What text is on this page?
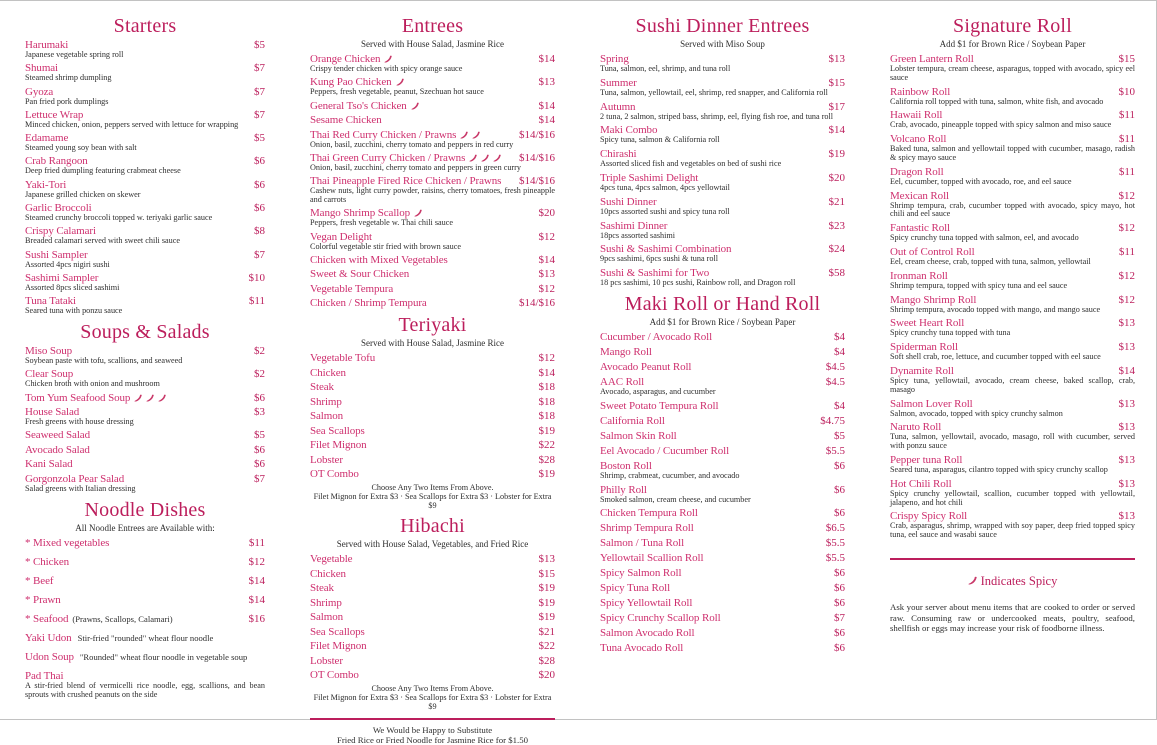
Starters
Harumaki	$5
Japanese vegetable spring roll
Shumai	$7
Steamed shrimp dumpling
Gyoza	$7
Pan fried pork dumplings
Lettuce Wrap	$7
Minced chicken, onion, peppers served with lettuce for wrapping
Edamame	$5
Steamed young soy bean with salt
Crab Rangoon	$6
Deep fried dumpling featuring crabmeat cheese
Yaki-Tori	$6
Japanese grilled chicken on skewer
Garlic Broccoli	$6
Steamed crunchy broccoli topped w. teriyaki garlic sauce
Crispy Calamari	$8
Breaded calamari served with sweet chili sauce
Sushi Sampler	$7
Assorted 4pcs nigiri sushi
Sashimi Sampler	$10
Assorted 8pcs sliced sashimi
Tuna Tataki	$11
Seared tuna with ponzu sauce
Soups & Salads
Miso Soup	$2
Soybean paste with tofu, scallions, and seaweed
Clear Soup	$2
Chicken broth with onion and mushroom
Tom Yum Seafood Soup	$6
House Salad	$3
Fresh greens with house dressing
Seaweed Salad	$5
Avocado Salad	$6
Kani Salad	$6
Gorgonzola Pear Salad	$7
Salad greens with Italian dressing
Noodle Dishes
All Noodle Entrees are Available with:
* Mixed vegetables	$11
* Chicken	$12
* Beef	$14
* Prawn	$14
* Seafood (Prawns, Scallops, Calamari)	$16
Yaki Udon Stir-fried "rounded" wheat flour noodle
Udon Soup "Rounded" wheat flour noodle in vegetable soup
Pad Thai
A stir-fried blend of vermicelli rice noodle, egg, scallions, and bean sprouts with crushed peanuts on the side
Entrees
Served with House Salad, Jasmine Rice
Orange Chicken	$14
Crispy tender chicken with spicy orange sauce
Kung Pao Chicken	$13
Peppers, fresh vegetable, peanut, Szechuan hot sauce
General Tso's Chicken	$14
Sesame Chicken	$14
Thai Red Curry Chicken / Prawns	$14/$16
Onion, basil, zucchini, cherry tomato and peppers in red curry
Thai Green Curry Chicken / Prawns	$14/$16
Onion, basil, zucchini, cherry tomato and peppers in green curry
Thai Pineapple Fired Rice Chicken / Prawns $14/$16
Cashew nuts, light curry powder, raisins, cherry tomatoes, fresh pineapple and carrots
Mango Shrimp Scallop	$20
Peppers, fresh vegetable w. Thai chili sauce
Vegan Delight	$12
Colorful vegetable stir fried with brown sauce
Chicken with Mixed Vegetables	$14
Sweet & Sour Chicken	$13
Vegetable Tempura	$12
Chicken / Shrimp Tempura	$14/$16
Teriyaki
Served with House Salad, Jasmine Rice
Vegetable Tofu	$12
Chicken	$14
Steak	$18
Shrimp	$18
Salmon	$18
Sea Scallops	$19
Filet Mignon	$22
Lobster	$28
OT Combo	$19
Choose Any Two Items From Above.
Filet Mignon for Extra $3 · Sea Scallops for Extra $3 · Lobster for Extra $9
Hibachi
Served with House Salad, Vegetables, and Fried Rice
Vegetable	$13
Chicken	$15
Steak	$19
Shrimp	$19
Salmon	$19
Sea Scallops	$21
Filet Mignon	$22
Lobster	$28
OT Combo	$20
Choose Any Two Items From Above.
Filet Mignon for Extra $3 · Sea Scallops for Extra $3 · Lobster for Extra $9
We Would be Happy to Substitute
Fried Rice or Fried Noodle for Jasmine Rice for $1.50
Sushi Dinner Entrees
Served with Miso Soup
Spring	$13
Tuna, salmon, eel, shrimp, and tuna roll
Summer	$15
Tuna, salmon, yellowtail, eel, shrimp, red snapper, and California roll
Autumn	$17
2 tuna, 2 salmon, striped bass, shrimp, eel, flying fish roe, and tuna roll
Maki Combo	$14
Spicy tuna, salmon & California roll
Chirashi	$19
Assorted sliced fish and vegetables on bed of sushi rice
Triple Sashimi Delight	$20
4pcs tuna, 4pcs salmon, 4pcs yellowtail
Sushi Dinner	$21
10pcs assorted sushi and spicy tuna roll
Sashimi Dinner	$23
18pcs assorted sashimi
Sushi & Sashimi Combination	$24
9pcs sashimi, 6pcs sushi & tuna roll
Sushi & Sashimi for Two	$58
18 pcs sashimi, 10 pcs sushi, Rainbow roll, and Dragon roll
Maki Roll or Hand Roll
Add $1 for Brown Rice / Soybean Paper
Cucumber / Avocado Roll	$4
Mango Roll	$4
Avocado Peanut Roll	$4.5
AAC Roll	$4.5
Avocado, asparagus, and cucumber
Sweet Potato Tempura Roll	$4
California Roll	$4.75
Salmon Skin Roll	$5
Eel Avocado / Cucumber Roll	$5.5
Boston Roll	$6
Shrimp, crabmeat, cucumber, and avocado
Philly Roll	$6
Smoked salmon, cream cheese, and cucumber
Chicken Tempura Roll	$6
Shrimp Tempura Roll	$6.5
Salmon / Tuna Roll	$5.5
Yellowtail Scallion Roll	$5.5
Spicy Salmon Roll	$6
Spicy Tuna Roll	$6
Spicy Yellowtail Roll	$6
Spicy Crunchy Scallop Roll	$7
Salmon Avocado Roll	$6
Tuna Avocado Roll	$6
Signature Roll
Add $1 for Brown Rice / Soybean Paper
Green Lantern Roll	$15
Lobster tempura, cream cheese, asparagus, topped with avocado, spicy eel sauce
Rainbow Roll	$10
California roll topped with tuna, salmon, white fish, and avocado
Hawaii Roll	$11
Crab, avocado, pineapple topped with spicy salmon and miso sauce
Volcano Roll	$11
Baked tuna, salmon and yellowtail topped with cucumber, masago, radish & spicy mayo sauce
Dragon Roll	$11
Eel, cucumber, topped with avocado, roe, and eel sauce
Mexican Roll	$12
Shrimp tempura, crab, cucumber topped with avocado, spicy mayo, hot chili and eel sauce
Fantastic Roll	$12
Spicy crunchy tuna topped with salmon, eel, and avocado
Out of Control Roll	$11
Eel, cream cheese, crab, topped with tuna, salmon, yellowtail
Ironman Roll	$12
Shrimp tempura, topped with spicy tuna and eel sauce
Mango Shrimp Roll	$12
Shrimp tempura, avocado topped with mango, and mango sauce
Sweet Heart Roll	$13
Spicy crunchy tuna topped with tuna
Spiderman Roll	$13
Soft shell crab, roe, lettuce, and cucumber topped with eel sauce
Dynamite Roll	$14
Spicy tuna, yellowtail, avocado, cream cheese, baked scallop, crab, masago
Salmon Lover Roll	$13
Salmon, avocado, topped with spicy crunchy salmon
Naruto Roll	$13
Tuna, salmon, yellowtail, avocado, masago, roll with cucumber, served with ponzu sauce
Pepper tuna Roll	$13
Seared tuna, asparagus, cilantro topped with spicy crunchy scallop
Hot Chili Roll	$13
Spicy crunchy yellowtail, scallion, cucumber topped with yellowtail, jalapeno, and hot chili
Crispy Spicy Roll	$13
Crab, asparagus, shrimp, wrapped with soy paper, deep fried topped spicy tuna, eel sauce and wasabi sauce
Indicates Spicy

Ask your server about menu items that are cooked to order or served raw. Consuming raw or undercooked meats, poultry, seafood, shellfish or eggs may increase your risk of foodborne illness.
